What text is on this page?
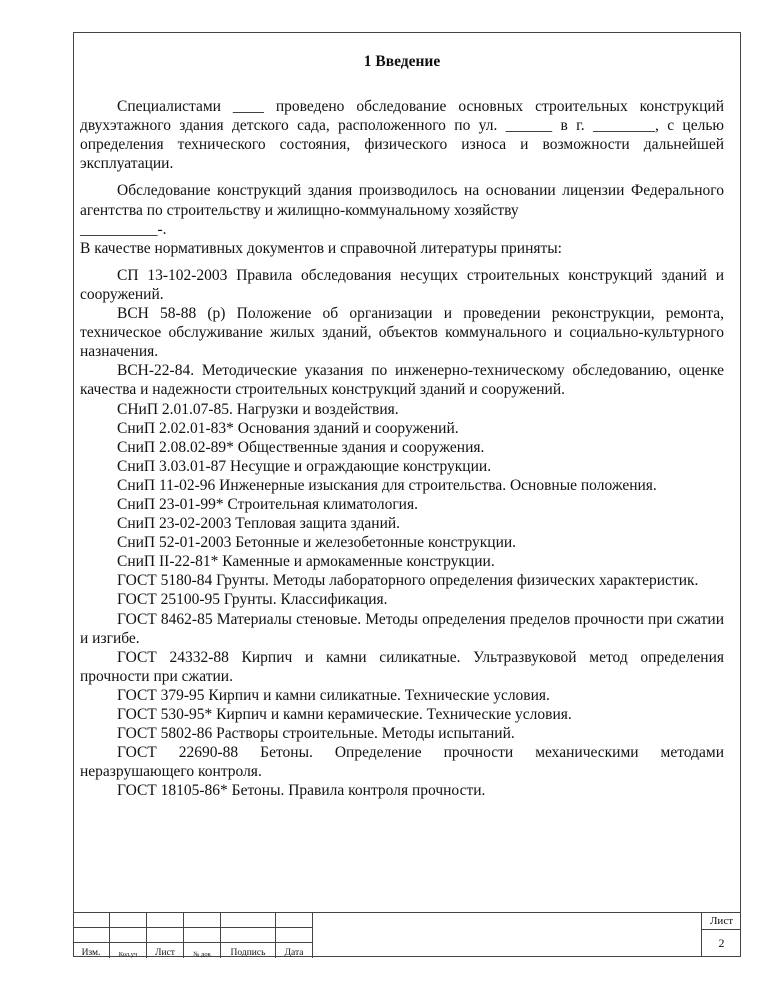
1 Введение

Специалистами ____ проведено обследование основных строительных конструкций двухэтажного здания детского сада, расположенного по ул. ______ в г. ________, с целью определения технического состояния, физического износа и возможности дальнейшей эксплуатации.

Обследование конструкций здания производилось на основании лицензии Федерального агентства по строительству и жилищно-коммунальному хозяйству

__________-.

В качестве нормативных документов и справочной литературы приняты:

СП 13-102-2003 Правила обследования несущих строительных конструкций зданий и сооружений.

ВСН 58-88 (р) Положение об организации и проведении реконструкции, ремонта, техническое обслуживание жилых зданий, объектов коммунального и социально-культурного назначения.

ВСН-22-84. Методические указания по инженерно-техническому обследованию, оценке качества и надежности строительных конструкций зданий и сооружений.

СНиП 2.01.07-85. Нагрузки и воздействия.

СниП 2.02.01-83* Основания зданий и сооружений.

СниП 2.08.02-89* Общественные здания и сооружения.

СниП 3.03.01-87 Несущие и ограждающие конструкции.

СниП 11-02-96 Инженерные изыскания для строительства. Основные положения.

СниП 23-01-99* Строительная климатология.

СниП 23-02-2003 Тепловая защита зданий.

СниП 52-01-2003 Бетонные и железобетонные конструкции.

СниП II-22-81* Каменные и армокаменные конструкции.

ГОСТ 5180-84 Грунты. Методы лабораторного определения физических характеристик.

ГОСТ 25100-95 Грунты. Классификация.

ГОСТ 8462-85 Материалы стеновые. Методы определения пределов прочности при сжатии и изгибе.

ГОСТ 24332-88 Кирпич и камни силикатные. Ультразвуковой метод определения прочности при сжатии.

ГОСТ 379-95 Кирпич и камни силикатные. Технические условия.

ГОСТ 530-95* Кирпич и камни керамические. Технические условия.

ГОСТ 5802-86 Растворы строительные. Методы испытаний.

ГОСТ 22690-88 Бетоны. Определение прочности механическими методами неразрушающего контроля.

ГОСТ 18105-86* Бетоны. Правила контроля прочности.

Изм.	Кол.уч	Лист	№ док	Подпись	Дата
Лист
2
